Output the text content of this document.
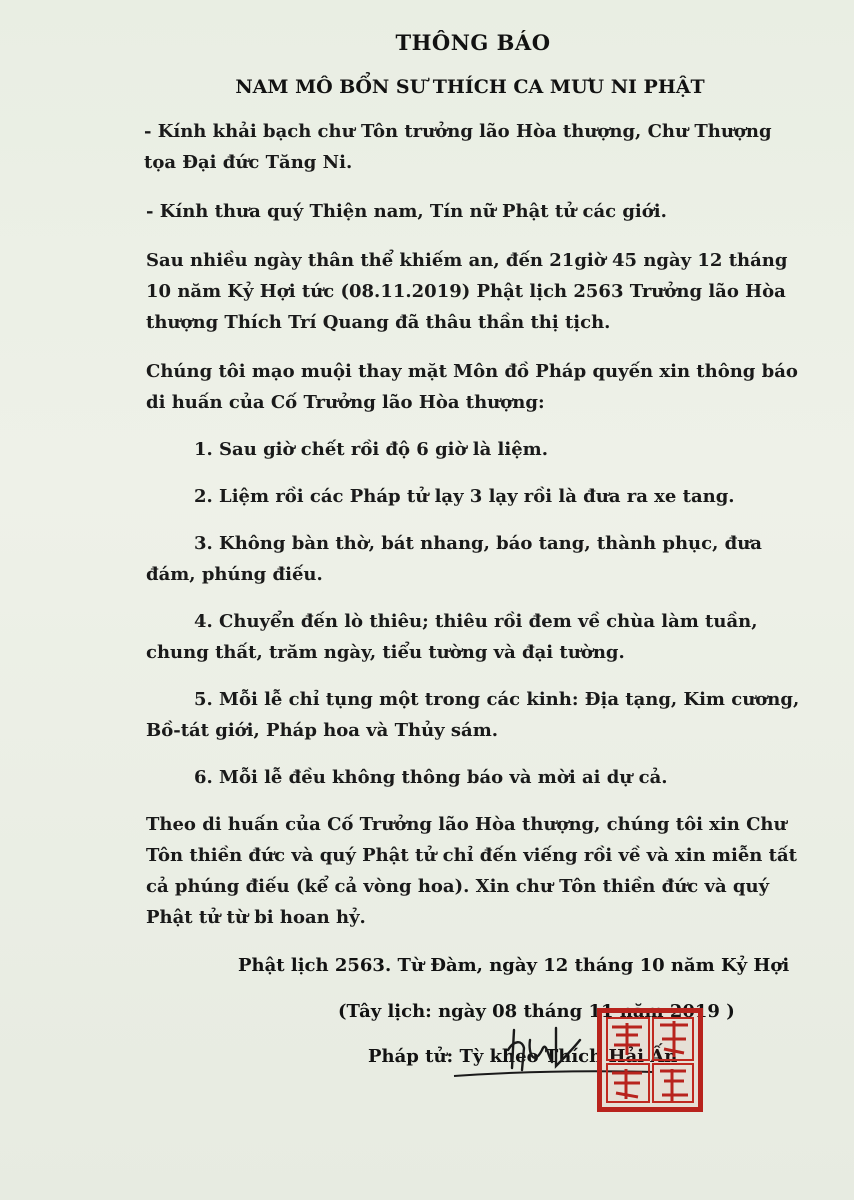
THÔNG BÁO
NAM MÔ BỔN SƯ THÍCH CA MƯU NI PHẬT

- Kính khải bạch chư Tôn trưởng lão Hòa thượng, Chư Thượng tọa Đại đức Tăng Ni.

- Kính thưa quý Thiện nam, Tín nữ Phật tử các giới.

Sau nhiều ngày thân thể khiếm an, đến 21giờ 45 ngày 12 tháng 10 năm Kỷ Hợi tức (08.11.2019) Phật lịch 2563 Trưởng lão Hòa thượng Thích Trí Quang đã thâu thần thị tịch.

Chúng tôi mạo muội thay mặt Môn đồ Pháp quyến xin thông báo di huấn của Cố Trưởng lão Hòa thượng:

1. Sau giờ chết rồi độ 6 giờ là liệm.

2. Liệm rồi các Pháp tử lạy 3 lạy rồi là đưa ra xe tang.

3. Không bàn thờ, bát nhang, báo tang, thành phục, đưa đám, phúng điếu.

4. Chuyển đến lò thiêu; thiêu rồi đem về chùa làm tuần, chung thất, trăm ngày, tiểu tường và đại tường.

5. Mỗi lễ chỉ tụng một trong các kinh: Địa tạng, Kim cương, Bồ-tát giới, Pháp hoa và Thủy sám.

6. Mỗi lễ đều không thông báo và mời ai dự cả.

Theo di huấn của Cố Trưởng lão Hòa thượng, chúng tôi xin Chư Tôn thiền đức và quý Phật tử chỉ đến viếng rồi về và xin miễn tất cả phúng điếu (kể cả vòng hoa). Xin chư Tôn thiền đức và quý Phật tử từ bi hoan hỷ.

Phật lịch 2563. Từ Đàm, ngày 12 tháng 10 năm Kỷ Hợi

(Tây lịch: ngày 08 tháng 11 năm 2019 )

Pháp tử: Tỳ kheo Thích Hải Ấn
